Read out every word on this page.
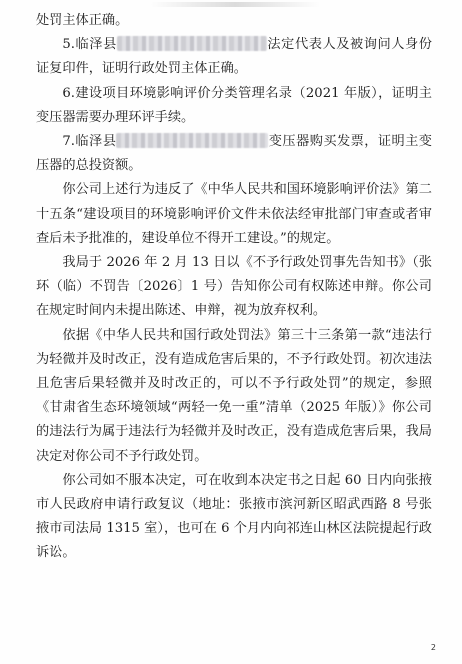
处罚主体正确。

5.临泽县	法定代表人及被询问人身份证复印件，证明行政处罚主体正确。

6.建设项目环境影响评价分类管理名录（2021 年版），证明主变压器需要办理环评手续。

7.临泽县	变压器购买发票，证明主变压器的总投资额。

你公司上述行为违反了《中华人民共和国环境影响评价法》第二十五条“建设项目的环境影响评价文件未依法经审批部门审查或者审查后未予批准的，建设单位不得开工建设。”的规定。

我局于 2026 年 2 月 13 日以《不予行政处罚事先告知书》（张环（临）不罚告〔2026〕1 号）告知你公司有权陈述申辩。你公司在规定时间内未提出陈述、申辩，视为放弃权利。

依据《中华人民共和国行政处罚法》第三十三条第一款“违法行为轻微并及时改正，没有造成危害后果的，不予行政处罚。初次违法且危害后果轻微并及时改正的，可以不予行政处罚”的规定，参照《甘肃省生态环境领域“两轻一免一重”清单（2025 年版）》你公司的违法行为属于违法行为轻微并及时改正，没有造成危害后果，我局决定对你公司不予行政处罚。

你公司如不服本决定，可在收到本决定书之日起 60 日内向张掖市人民政府申请行政复议（地址：张掖市滨河新区昭武西路 8 号张掖市司法局 1315 室），也可在 6 个月内向祁连山林区法院提起行政诉讼。

2
